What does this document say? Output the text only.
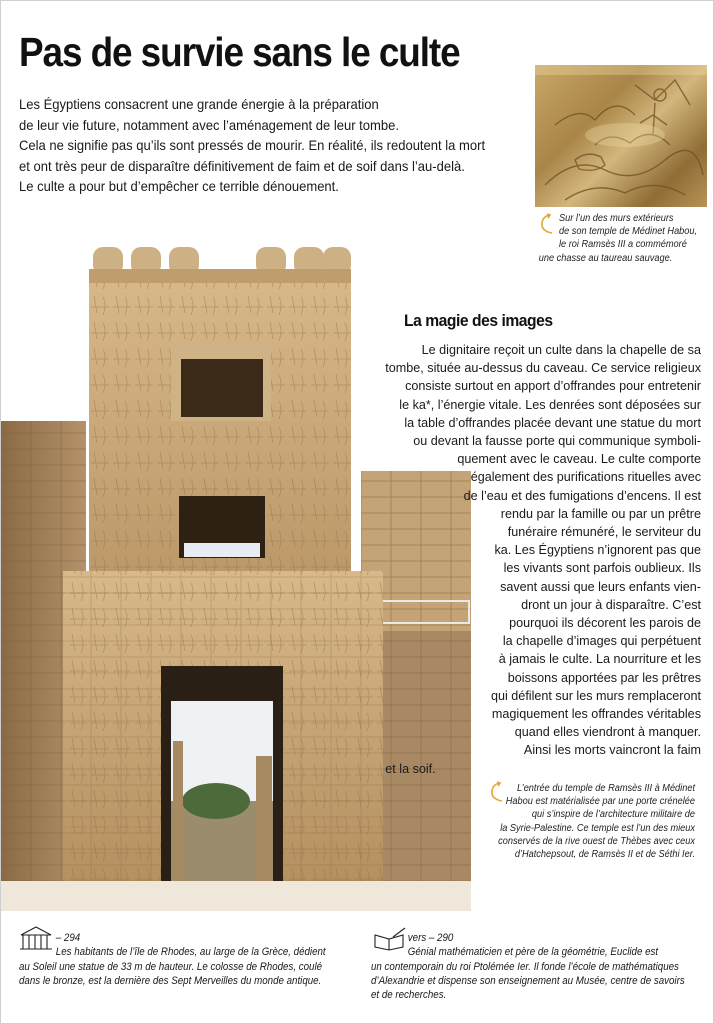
Pas de survie sans le culte

Les Égyptiens consacrent une grande énergie à la préparation

de leur vie future, notamment avec l’aménagement de leur tombe.

Cela ne signifie pas qu’ils sont pressés de mourir. En réalité, ils redoutent la mort

et ont très peur de disparaître définitivement de faim et de soif dans l’au-delà.

Le culte a pour but d’empêcher ce terrible dénouement.

Sur l’un des murs extérieurs

de son temple de Médinet Habou,

le roi Ramsès III a commémoré

une chasse au taureau sauvage.

La magie des images
Le dignitaire reçoit un culte dans la chapelle de sa
tombe, située au-dessus du caveau. Ce service religieux
consiste surtout en apport d’offrandes pour entretenir
le ka*, l’énergie vitale. Les denrées sont déposées sur
la table d’offrandes placée devant une statue du mort
ou devant la fausse porte qui communique symboli-
quement avec le caveau. Le culte comporte
également des purifications rituelles avec
de l’eau et des fumigations d’encens. Il est
rendu par la famille ou par un prêtre
funéraire rémunéré, le serviteur du
ka. Les Égyptiens n’ignorent pas que
les vivants sont parfois oublieux. Ils
savent aussi que leurs enfants vien-
dront un jour à disparaître. C’est
pourquoi ils décorent les parois de
la chapelle d’images qui perpétuent
à jamais le culte. La nourriture et les
boissons apportées par les prêtres
qui défilent sur les murs remplaceront
magiquement les offrandes véritables
quand elles viendront à manquer.
Ainsi les morts vaincront la faim
et la soif.

L’entrée du temple de Ramsès III à Médinet

Habou est matérialisée par une porte crénelée

qui s’inspire de l’architecture militaire de

la Syrie-Palestine. Ce temple est l’un des mieux

conservés de la rive ouest de Thèbes avec ceux

d’Hatchepsout, de Ramsès II et de Séthi Ier.

– 294

Les habitants de l’île de Rhodes, au large de la Grèce, dédient

au Soleil une statue de 33 m de hauteur. Le colosse de Rhodes, coulé

dans le bronze, est la dernière des Sept Merveilles du monde antique.

vers – 290

Génial mathématicien et père de la géométrie, Euclide est

un contemporain du roi Ptolémée Ier. Il fonde l’école de mathématiques

d’Alexandrie et dispense son enseignement au Musée, centre de savoirs

et de recherches.
